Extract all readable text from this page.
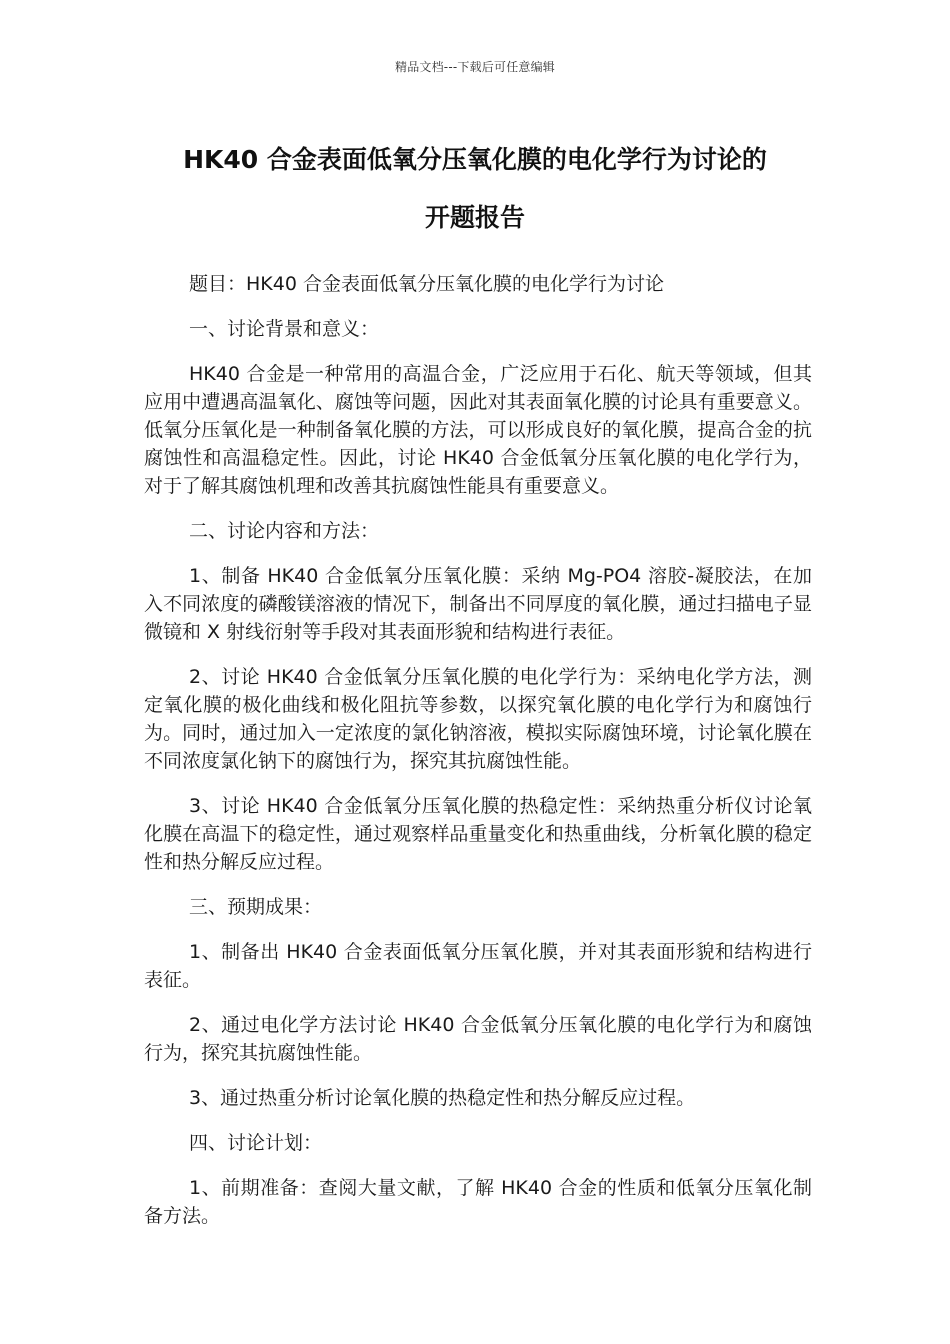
精品文档---下载后可任意编辑
HK40 合金表面低氧分压氧化膜的电化学行为讨论的
开题报告

题目：HK40 合金表面低氧分压氧化膜的电化学行为讨论

一、讨论背景和意义：

HK40 合金是一种常用的高温合金，广泛应用于石化、航天等领域，但其应用中遭遇高温氧化、腐蚀等问题，因此对其表面氧化膜的讨论具有重要意义。低氧分压氧化是一种制备氧化膜的方法，可以形成良好的氧化膜，提高合金的抗腐蚀性和高温稳定性。因此，讨论 HK40 合金低氧分压氧化膜的电化学行为，对于了解其腐蚀机理和改善其抗腐蚀性能具有重要意义。

二、讨论内容和方法：

1、制备 HK40 合金低氧分压氧化膜：采纳 Mg-PO4 溶胶-凝胶法，在加入不同浓度的磷酸镁溶液的情况下，制备出不同厚度的氧化膜，通过扫描电子显微镜和 X 射线衍射等手段对其表面形貌和结构进行表征。

2、讨论 HK40 合金低氧分压氧化膜的电化学行为：采纳电化学方法，测定氧化膜的极化曲线和极化阻抗等参数，以探究氧化膜的电化学行为和腐蚀行为。同时，通过加入一定浓度的氯化钠溶液，模拟实际腐蚀环境，讨论氧化膜在不同浓度氯化钠下的腐蚀行为，探究其抗腐蚀性能。

3、讨论 HK40 合金低氧分压氧化膜的热稳定性：采纳热重分析仪讨论氧化膜在高温下的稳定性，通过观察样品重量变化和热重曲线，分析氧化膜的稳定性和热分解反应过程。

三、预期成果：

1、制备出 HK40 合金表面低氧分压氧化膜，并对其表面形貌和结构进行表征。

2、通过电化学方法讨论 HK40 合金低氧分压氧化膜的电化学行为和腐蚀行为，探究其抗腐蚀性能。

3、通过热重分析讨论氧化膜的热稳定性和热分解反应过程。

四、讨论计划：

1、前期准备：查阅大量文献，了解 HK40 合金的性质和低氧分压氧化制备方法。
